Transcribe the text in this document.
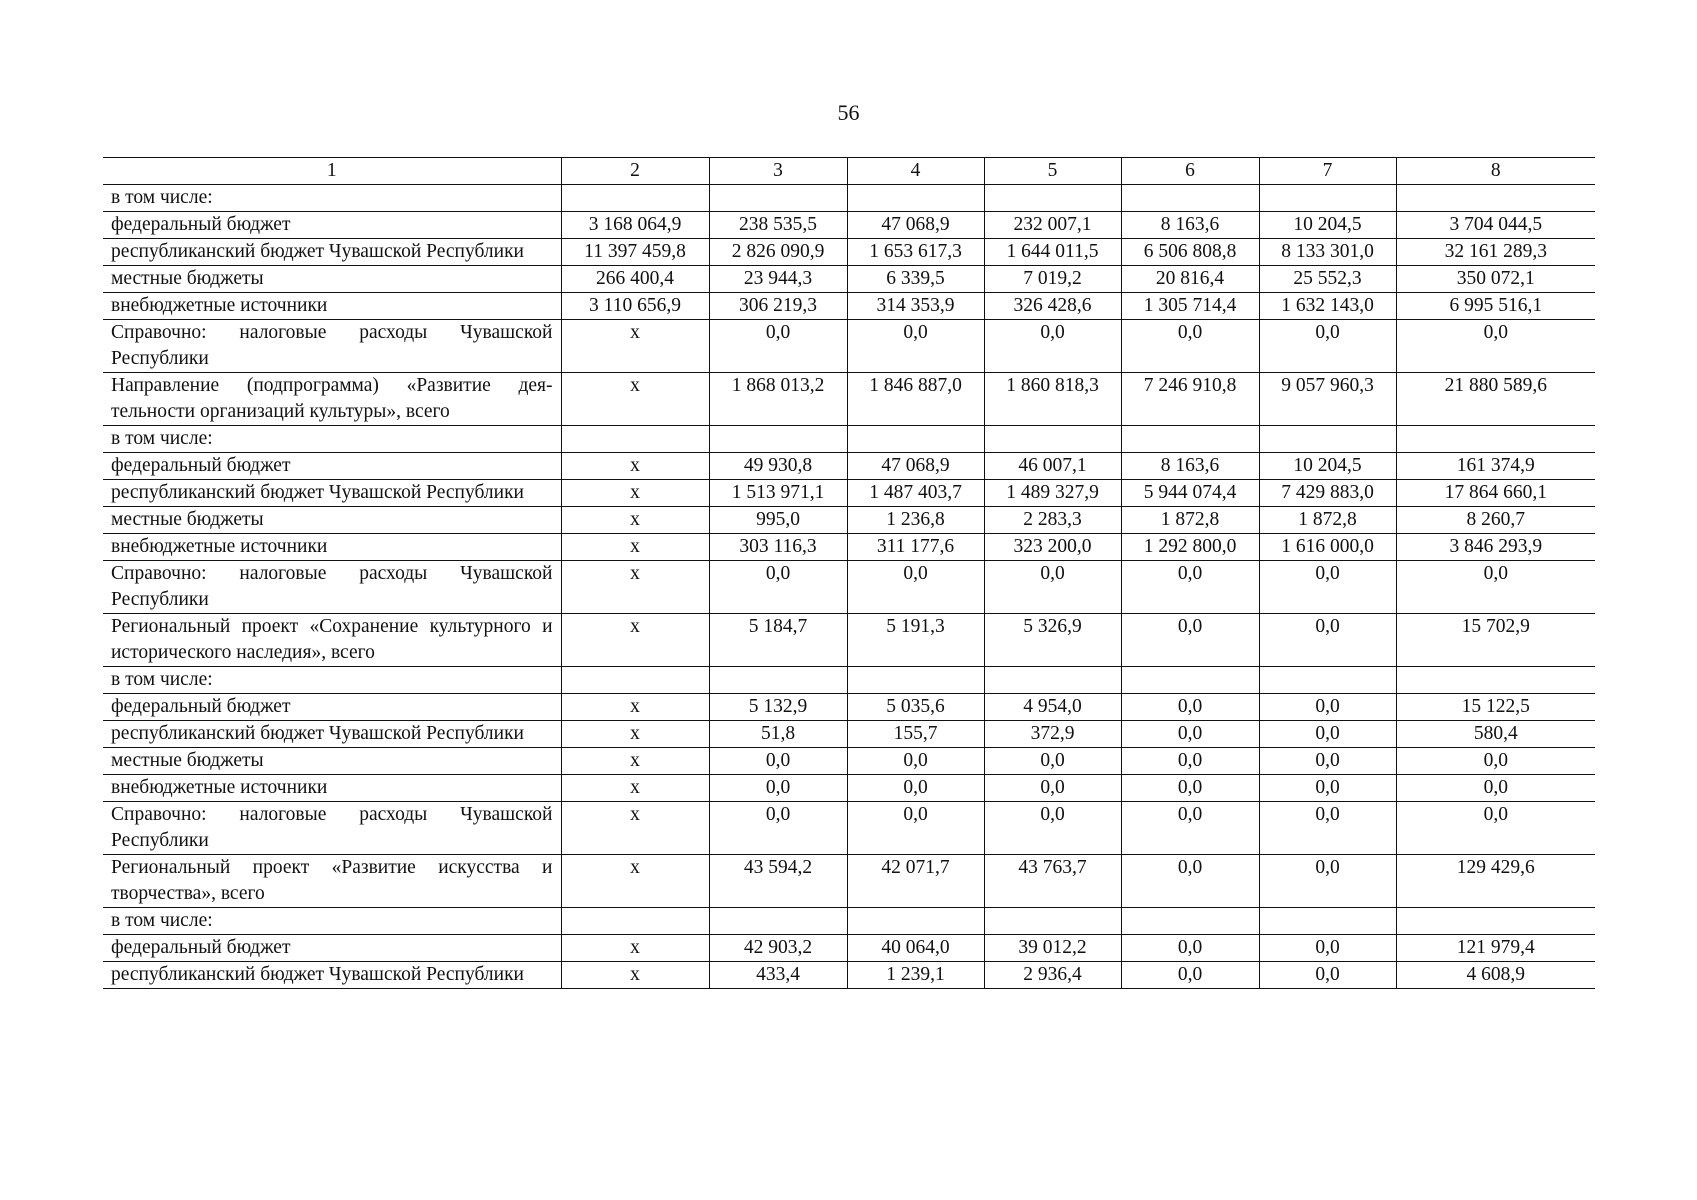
56
1	2	3	4	5	6	7	8
в том числе:							
федеральный бюджет	3 168 064,9	238 535,5	47 068,9	232 007,1	8 163,6	10 204,5	3 704 044,5
республиканский бюджет Чувашской Республики	11 397 459,8	2 826 090,9	1 653 617,3	1 644 011,5	6 506 808,8	8 133 301,0	32 161 289,3
местные бюджеты	266 400,4	23 944,3	6 339,5	7 019,2	20 816,4	25 552,3	350 072,1
внебюджетные источники	3 110 656,9	306 219,3	314 353,9	326 428,6	1 305 714,4	1 632 143,0	6 995 516,1
Справочно: налоговые расходы Чувашской Республики	x	0,0	0,0	0,0	0,0	0,0	0,0
Направление (подпрограмма) «Развитие деятельности организаций культуры», всего	x	1 868 013,2	1 846 887,0	1 860 818,3	7 246 910,8	9 057 960,3	21 880 589,6
в том числе:							
федеральный бюджет	x	49 930,8	47 068,9	46 007,1	8 163,6	10 204,5	161 374,9
республиканский бюджет Чувашской Республики	x	1 513 971,1	1 487 403,7	1 489 327,9	5 944 074,4	7 429 883,0	17 864 660,1
местные бюджеты	x	995,0	1 236,8	2 283,3	1 872,8	1 872,8	8 260,7
внебюджетные источники	x	303 116,3	311 177,6	323 200,0	1 292 800,0	1 616 000,0	3 846 293,9
Справочно: налоговые расходы Чувашской Республики	x	0,0	0,0	0,0	0,0	0,0	0,0
Региональный проект «Сохранение культурного и исторического наследия», всего	x	5 184,7	5 191,3	5 326,9	0,0	0,0	15 702,9
в том числе:							
федеральный бюджет	x	5 132,9	5 035,6	4 954,0	0,0	0,0	15 122,5
республиканский бюджет Чувашской Республики	x	51,8	155,7	372,9	0,0	0,0	580,4
местные бюджеты	x	0,0	0,0	0,0	0,0	0,0	0,0
внебюджетные источники	x	0,0	0,0	0,0	0,0	0,0	0,0
Справочно: налоговые расходы Чувашской Республики	x	0,0	0,0	0,0	0,0	0,0	0,0
Региональный проект «Развитие искусства и творчества», всего	x	43 594,2	42 071,7	43 763,7	0,0	0,0	129 429,6
в том числе:							
федеральный бюджет	x	42 903,2	40 064,0	39 012,2	0,0	0,0	121 979,4
республиканский бюджет Чувашской Республики	x	433,4	1 239,1	2 936,4	0,0	0,0	4 608,9
